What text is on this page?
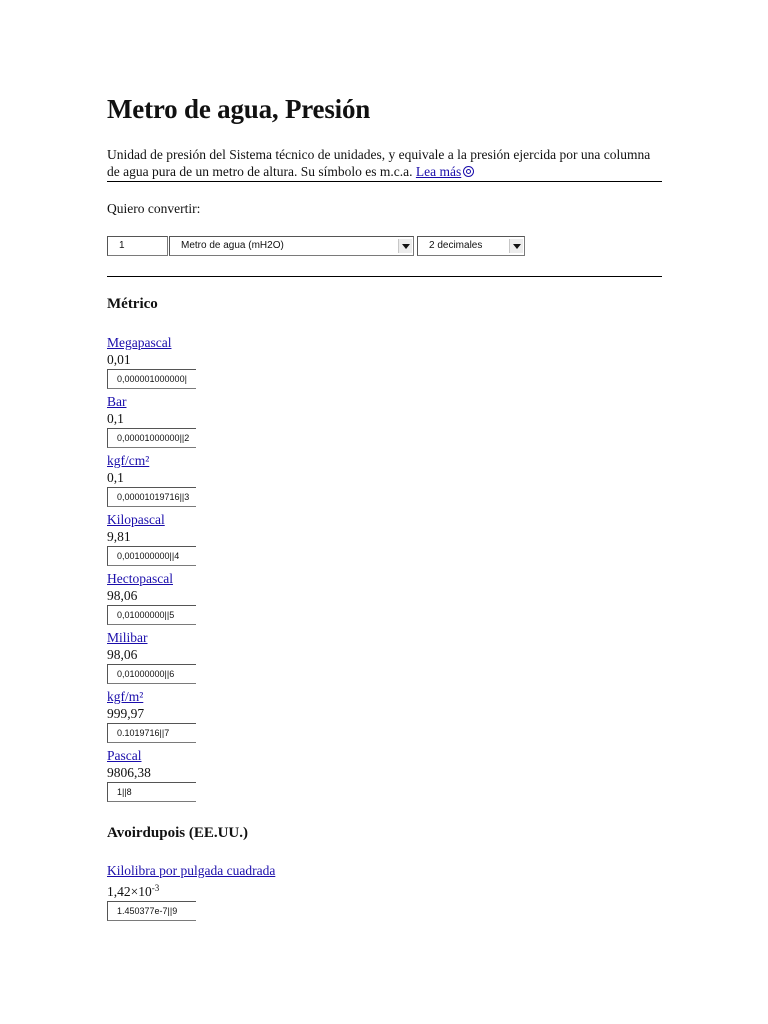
Metro de agua, Presión
Unidad de presión del Sistema técnico de unidades, y equivale a la presión ejercida por una columna de agua pura de un metro de altura. Su símbolo es m.c.a. Lea más
Quiero convertir:
1	Metro de agua (mH2O)	2 decimales
Métrico
Megapascal
0,01
0,000001000000|
Bar
0,1
0,00001000000||2
kgf/cm²
0,1
0,00001019716||3
Kilopascal
9,81
0,001000000||4
Hectopascal
98,06
0,01000000||5
Milibar
98,06
0,01000000||6
kgf/m²
999,97
0.1019716||7
Pascal
9806,38
1||8
Avoirdupois (EE.UU.)
Kilolibra por pulgada cuadrada
$1,42\times 10^{-3}$
1.450377e-7||9
